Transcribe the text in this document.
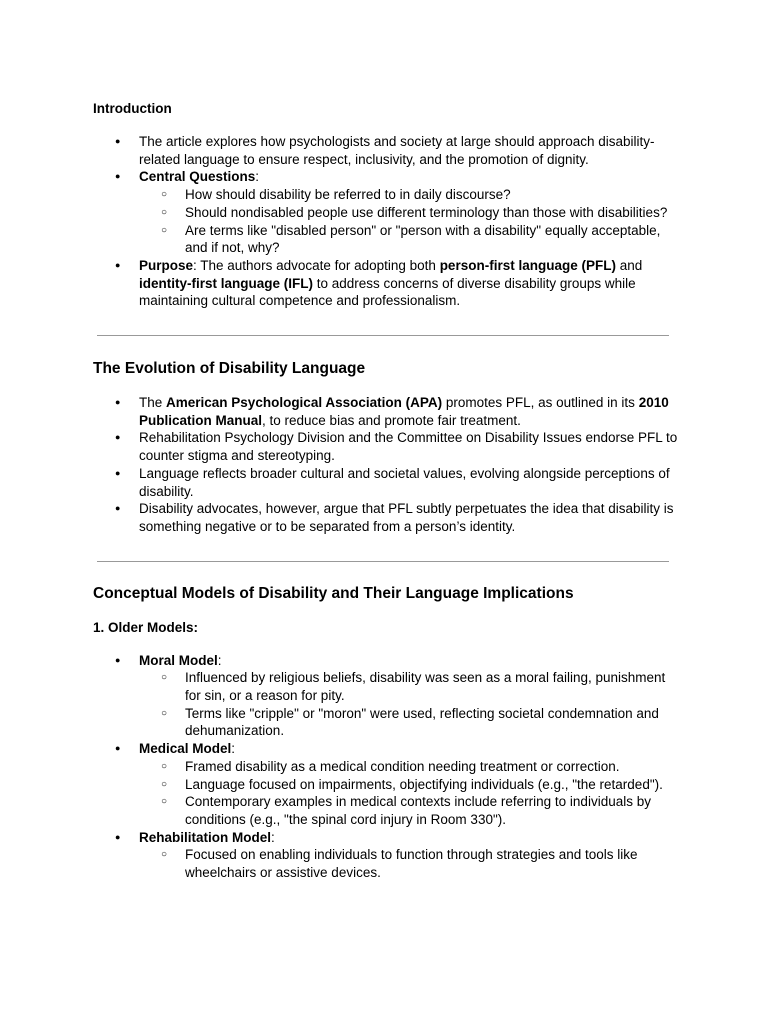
Introduction
● The article explores how psychologists and society at large should approach disability-related language to ensure respect, inclusivity, and the promotion of dignity.
● Central Questions:
○ How should disability be referred to in daily discourse?
○ Should nondisabled people use different terminology than those with disabilities?
○ Are terms like "disabled person" or "person with a disability" equally acceptable, and if not, why?
● Purpose: The authors advocate for adopting both person-first language (PFL) and identity-first language (IFL) to address concerns of diverse disability groups while maintaining cultural competence and professionalism.
The Evolution of Disability Language
● The American Psychological Association (APA) promotes PFL, as outlined in its 2010 Publication Manual, to reduce bias and promote fair treatment.
● Rehabilitation Psychology Division and the Committee on Disability Issues endorse PFL to counter stigma and stereotyping.
● Language reflects broader cultural and societal values, evolving alongside perceptions of disability.
● Disability advocates, however, argue that PFL subtly perpetuates the idea that disability is something negative or to be separated from a person’s identity.
Conceptual Models of Disability and Their Language Implications
1. Older Models:
● Moral Model:
○ Influenced by religious beliefs, disability was seen as a moral failing, punishment for sin, or a reason for pity.
○ Terms like "cripple" or "moron" were used, reflecting societal condemnation and dehumanization.
● Medical Model:
○ Framed disability as a medical condition needing treatment or correction.
○ Language focused on impairments, objectifying individuals (e.g., "the retarded").
○ Contemporary examples in medical contexts include referring to individuals by conditions (e.g., "the spinal cord injury in Room 330").
● Rehabilitation Model:
○ Focused on enabling individuals to function through strategies and tools like wheelchairs or assistive devices.
